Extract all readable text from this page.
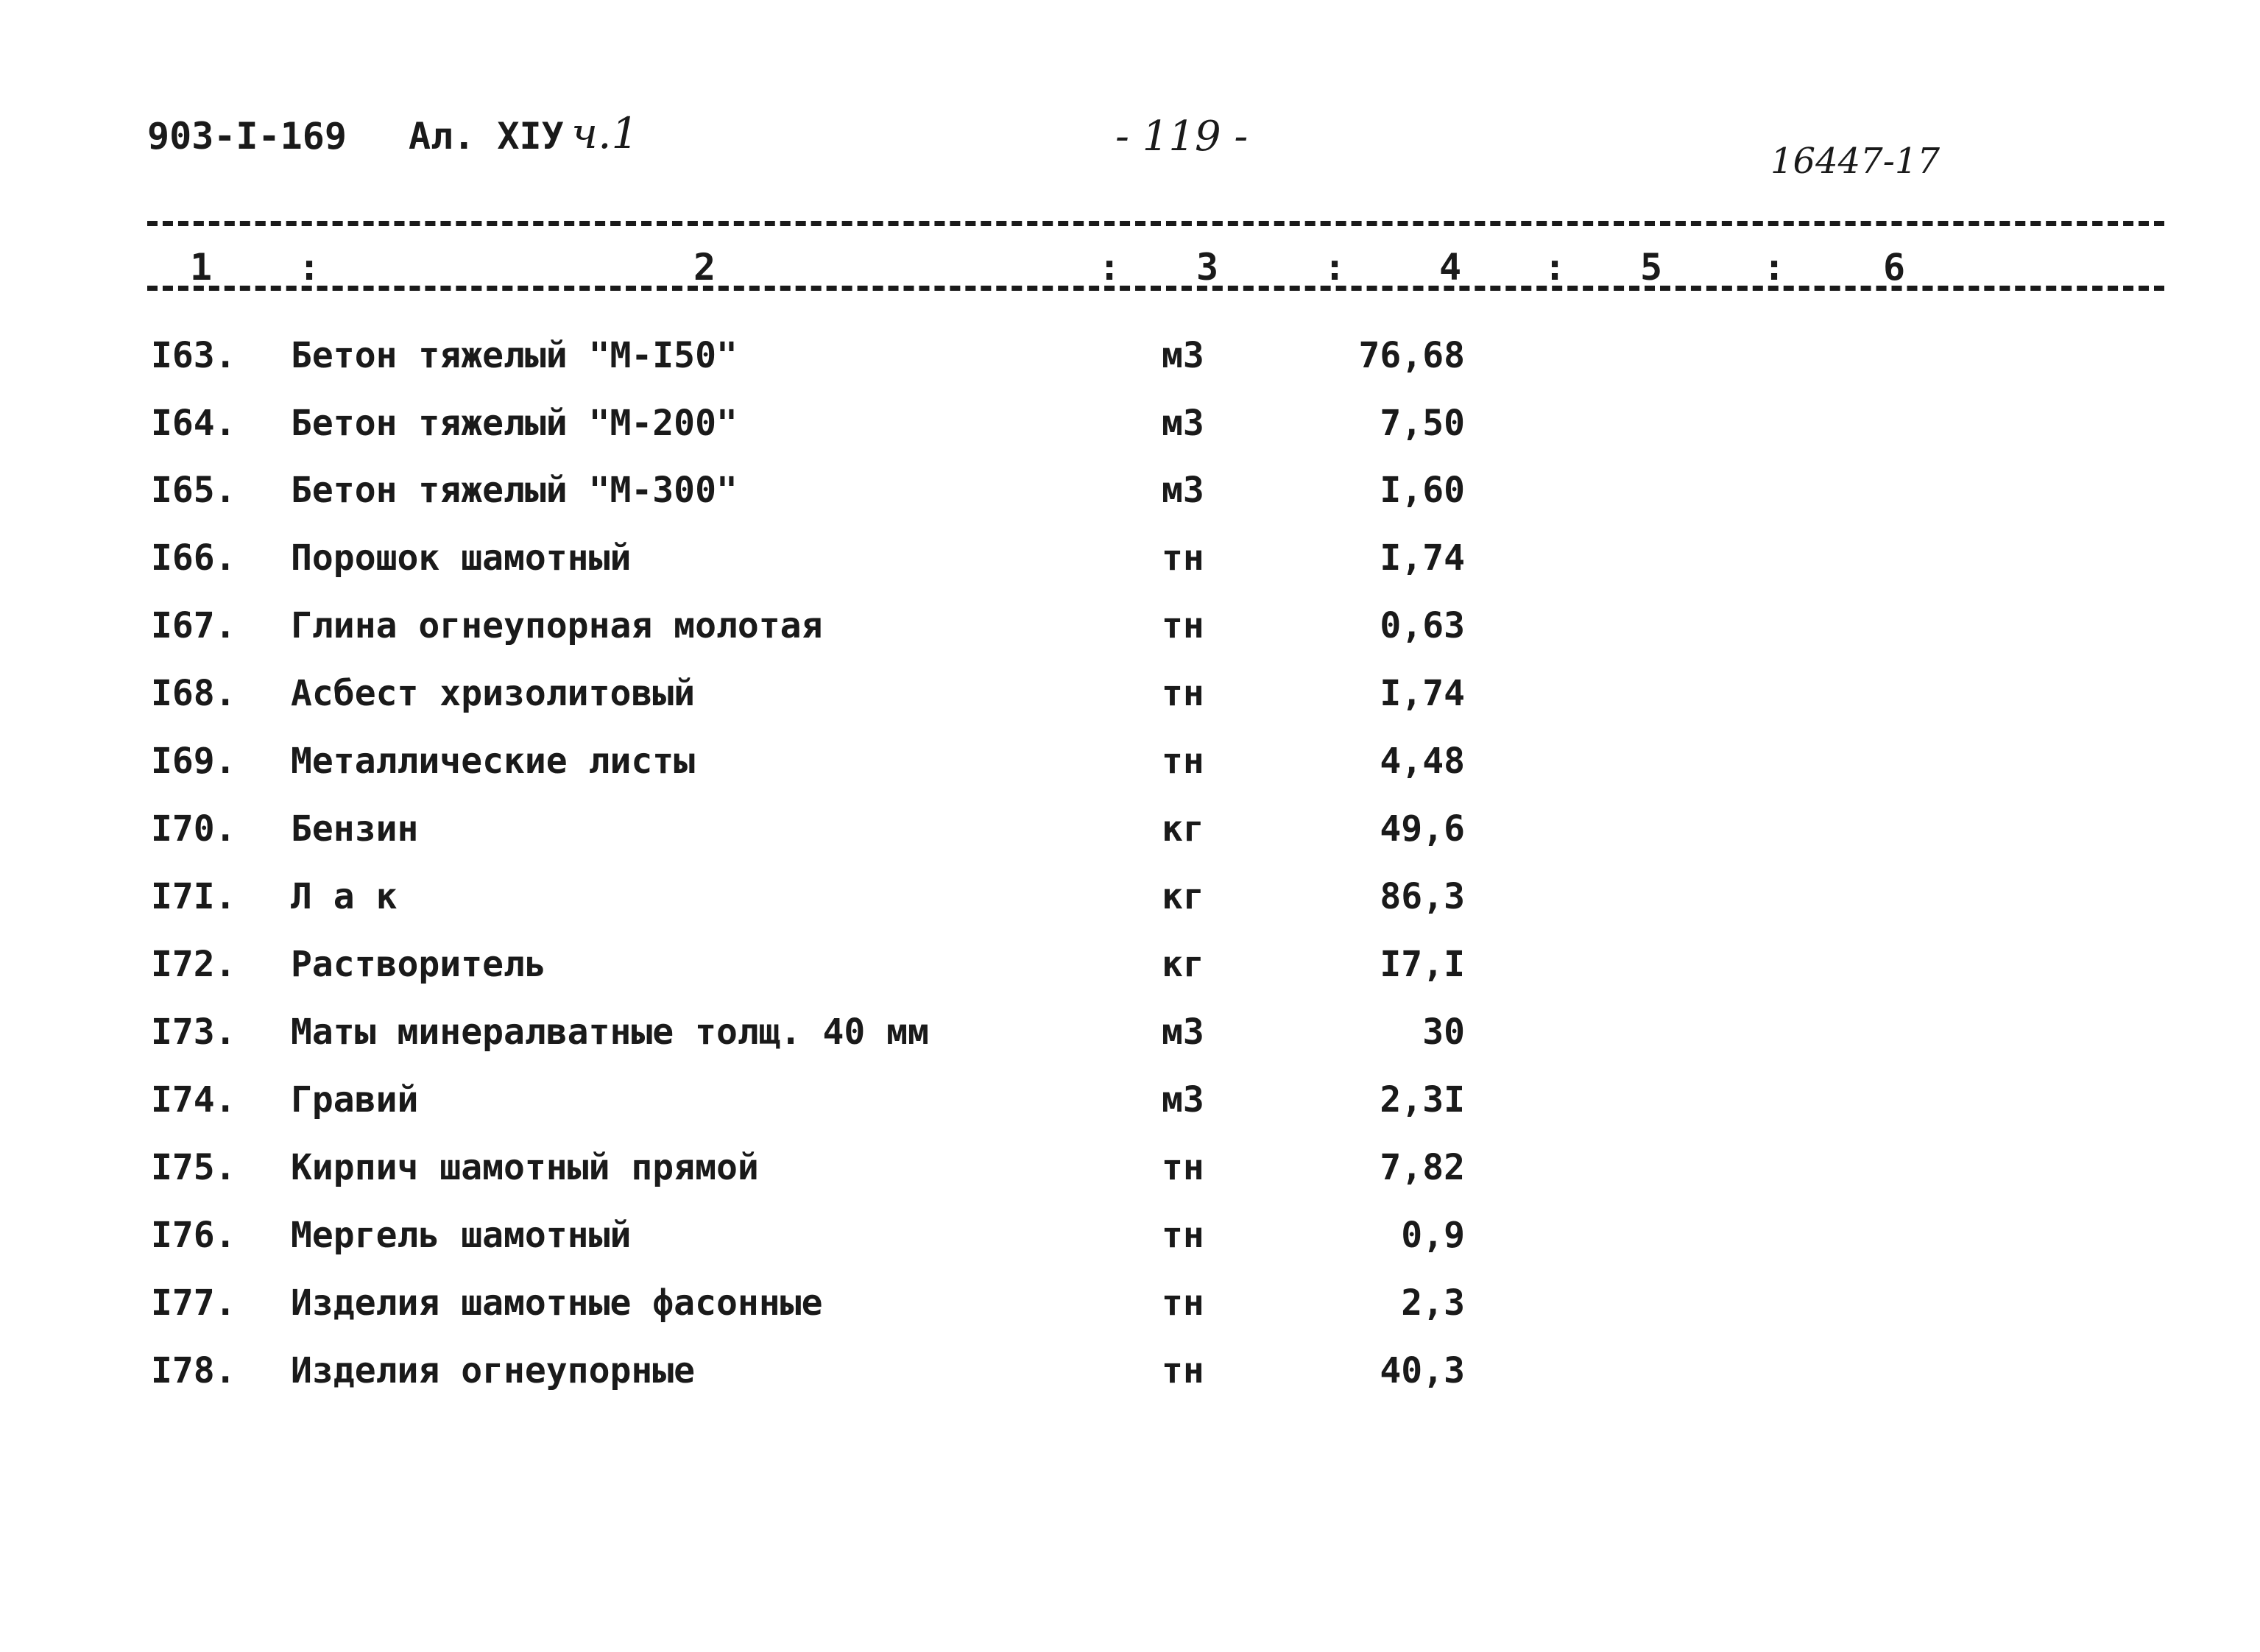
903-I-169 Ал. XIУ ч.1	- 119 -
16447-17
1 :	2	: 3	:	4 : 5	:	6
I63. Бетон тяжелый "М-I50"	м3	76,68
I64. Бетон тяжелый "М-200"	м3	7,50
I65. Бетон тяжелый "М-300"	м3	I,60
I66. Порошок шамотный	тн	I,74
I67. Глина огнеупорная молотая	тн	0,63
I68. Асбест хризолитовый	тн	I,74
I69. Металлические листы	тн	4,48
I70. Бензин	кг	49,6
I7I. Л а к	кг	86,3
I72. Растворитель	кг	I7,I
I73. Маты минералватные толщ. 40 мм	м3	30
I74. Гравий	м3	2,3I
I75. Кирпич шамотный прямой	тн	7,82
I76. Мергель шамотный	тн	0,9
I77. Изделия шамотные фасонные	тн	2,3
I78. Изделия огнеупорные	тн	40,3
